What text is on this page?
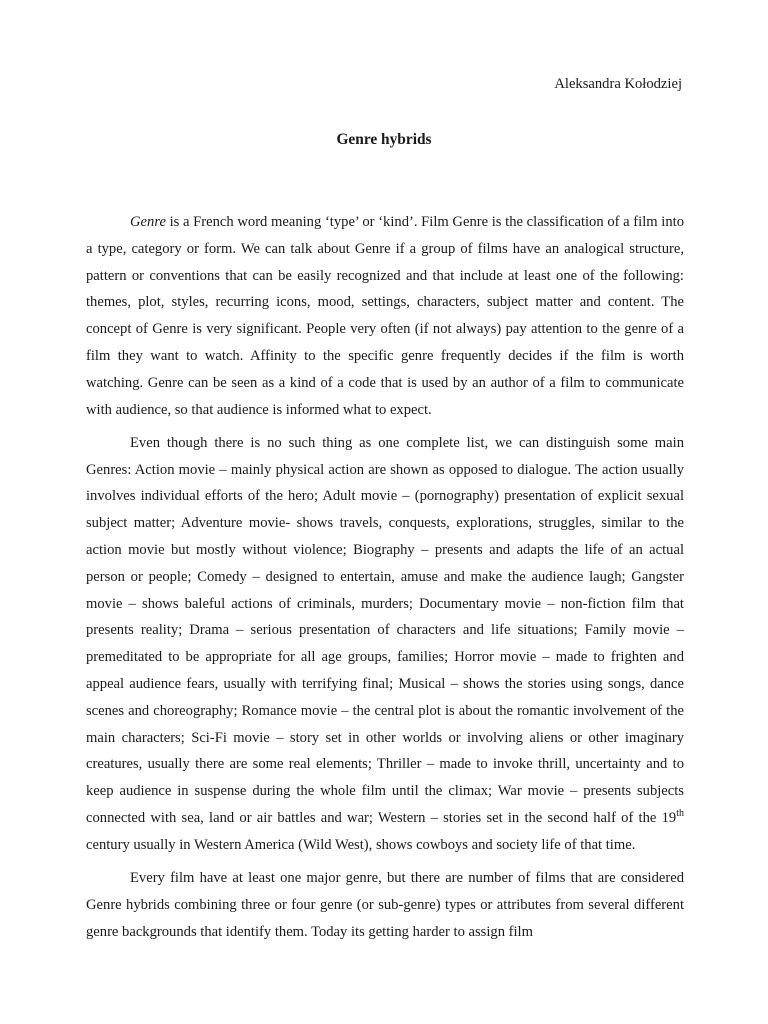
Aleksandra Kołodziej

Genre hybrids

Genre is a French word meaning ‘type’ or ‘kind’. Film Genre is the classification of a film into a type, category or form. We can talk about Genre if a group of films have an analogical structure, pattern or conventions that can be easily recognized and that include at least one of the following: themes, plot, styles, recurring icons, mood, settings, characters, subject matter and content. The concept of Genre is very significant. People very often (if not always) pay attention to the genre of a film they want to watch. Affinity to the specific genre frequently decides if the film is worth watching. Genre can be seen as a kind of a code that is used by an author of a film to communicate with audience, so that audience is informed what to expect.

Even though there is no such thing as one complete list, we can distinguish some main Genres: Action movie – mainly physical action are shown as opposed to dialogue. The action usually involves individual efforts of the hero; Adult movie – (pornography) presentation of explicit sexual subject matter; Adventure movie- shows travels, conquests, explorations, struggles, similar to the action movie but mostly without violence; Biography – presents and adapts the life of an actual person or people; Comedy – designed to entertain, amuse and make the audience laugh; Gangster movie – shows baleful actions of criminals, murders; Documentary movie – non-fiction film that presents reality; Drama – serious presentation of characters and life situations; Family movie – premeditated to be appropriate for all age groups, families; Horror movie – made to frighten and appeal audience fears, usually with terrifying final; Musical – shows the stories using songs, dance scenes and choreography; Romance movie – the central plot is about the romantic involvement of the main characters; Sci-Fi movie – story set in other worlds or involving aliens or other imaginary creatures, usually there are some real elements; Thriller – made to invoke thrill, uncertainty and to keep audience in suspense during the whole film until the climax; War movie – presents subjects connected with sea, land or air battles and war; Western – stories set in the second half of the 19th century usually in Western America (Wild West), shows cowboys and society life of that time.

Every film have at least one major genre, but there are number of films that are considered Genre hybrids combining three or four genre (or sub-genre) types or attributes from several different genre backgrounds that identify them. Today its getting harder to assign film
